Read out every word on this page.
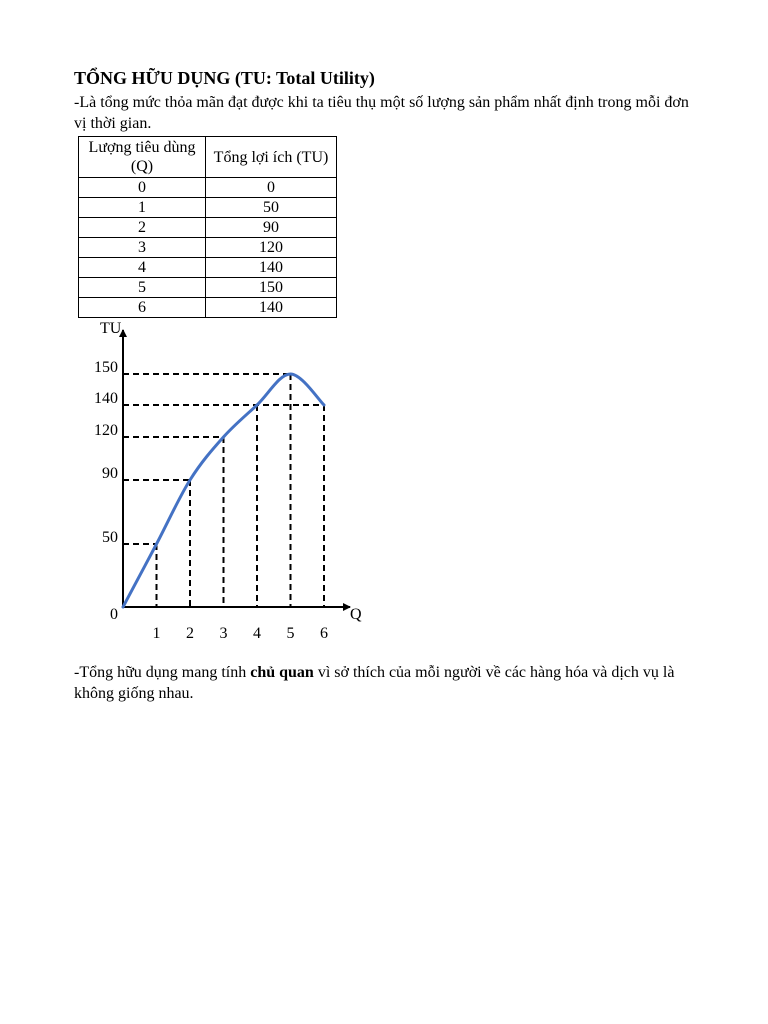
TỔNG HỮU DỤNG (TU: Total Utility)

-Là tổng mức thỏa mãn đạt được khi ta tiêu thụ một số lượng sản phẩm nhất định trong mỗi đơn vị thời gian.

Lượng tiêu dùng (Q)	Tổng lợi ích (TU)
0	0
1	50
2	90
3	120
4	140
5	150
6	140
TU
Q
0
50
90
120
140
150
1 2 3 4 5 6

-Tổng hữu dụng mang tính chủ quan vì sở thích của mỗi người về các hàng hóa và dịch vụ là không giống nhau.
